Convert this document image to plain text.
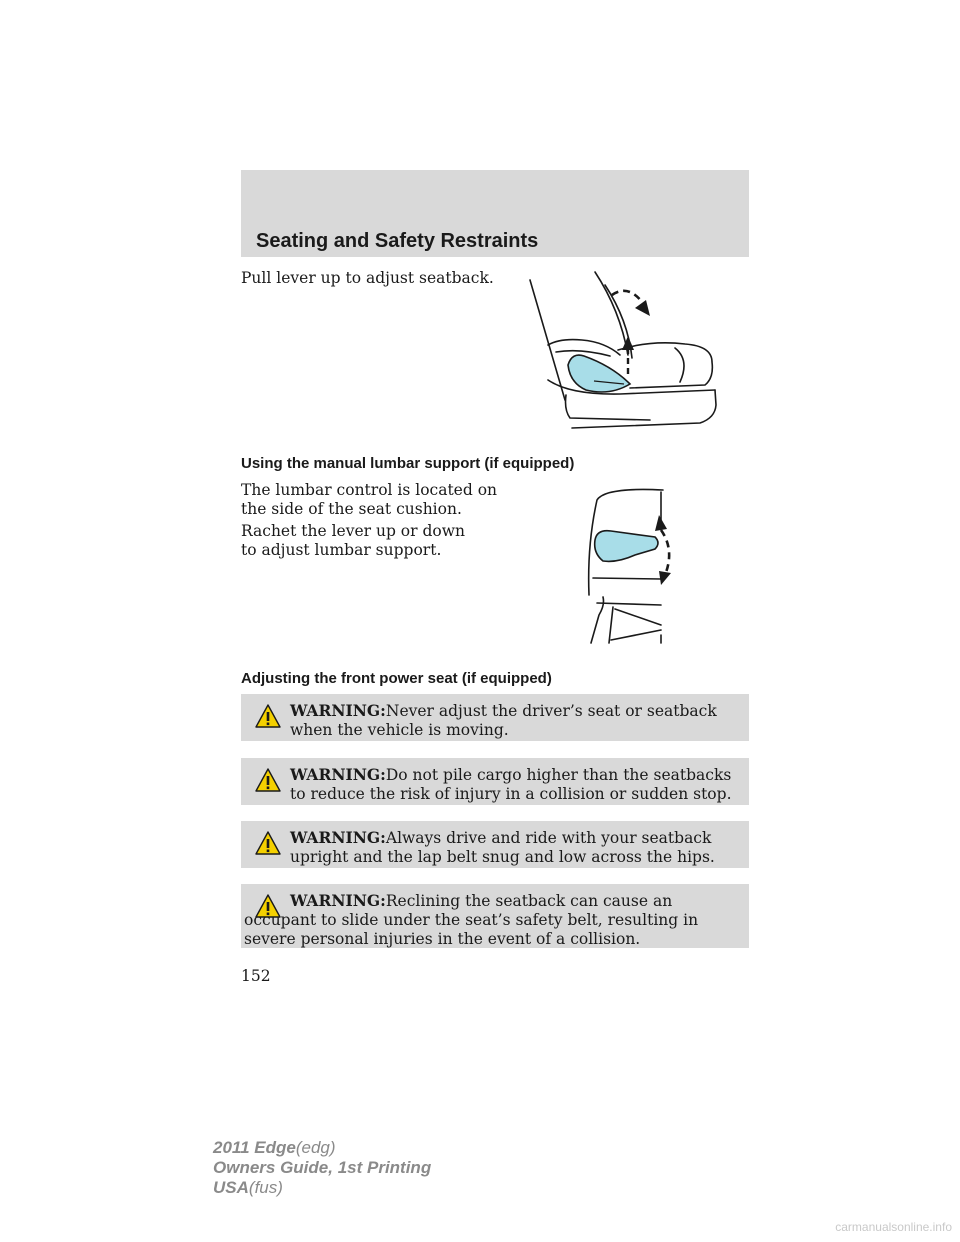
Seating and Safety Restraints

Pull lever up to adjust seatback.

Using the manual lumbar support (if equipped)

The lumbar control is located on the side of the seat cushion.

Rachet the lever up or down to adjust lumbar support.

Adjusting the front power seat (if equipped)

WARNING:Never adjust the driver’s seat or seatback when the vehicle is moving.

WARNING:Do not pile cargo higher than the seatbacks to reduce the risk of injury in a collision or sudden stop.

WARNING:Always drive and ride with your seatback upright and the lap belt snug and low across the hips.

WARNING:Reclining the seatback can cause an occupant to slide under the seat’s safety belt, resulting in severe personal injuries in the event of a collision.

152

2011 Edge(edg)
Owners Guide, 1st Printing
USA(fus)
carmanualsonline.info
